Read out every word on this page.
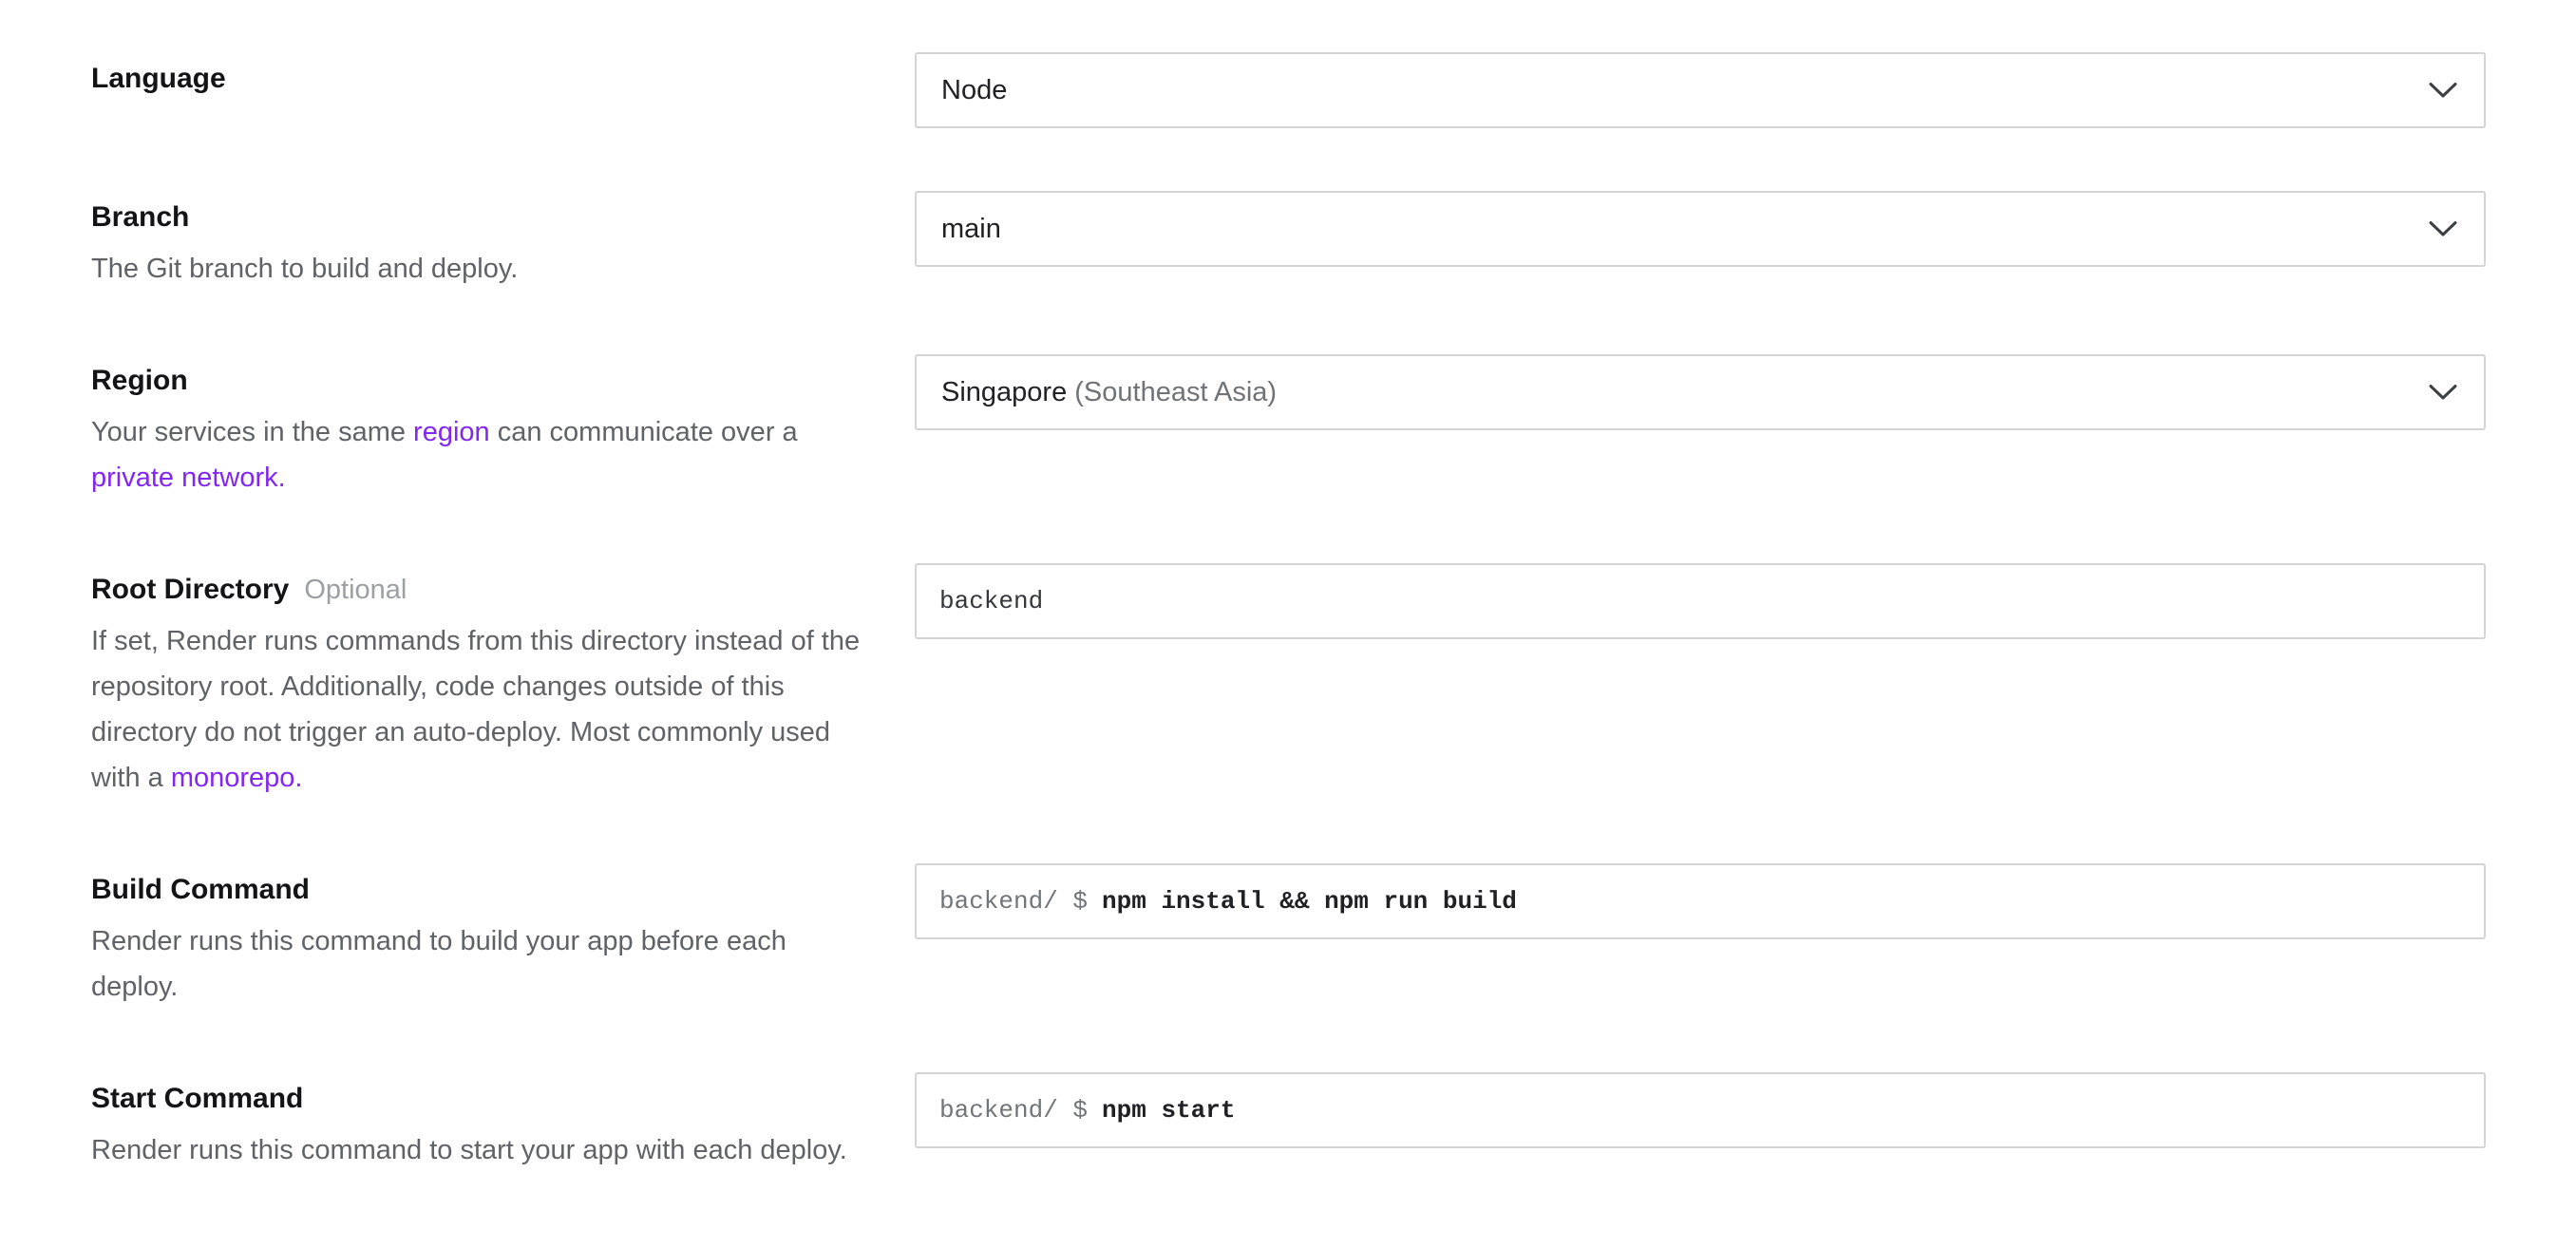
Language	Node
Branch
The Git branch to build and deploy.
main
Region
Your services in the same region can communicate over a private network.
Singapore (Southeast Asia)
Root Directory Optional
If set, Render runs commands from this directory instead of the repository root. Additionally, code changes outside of this directory do not trigger an auto-deploy. Most commonly used with a monorepo.
backend
Build Command
Render runs this command to build your app before each deploy.
backend/ $
npm install && npm run build
Start Command
Render runs this command to start your app with each deploy.
backend/ $
npm start
